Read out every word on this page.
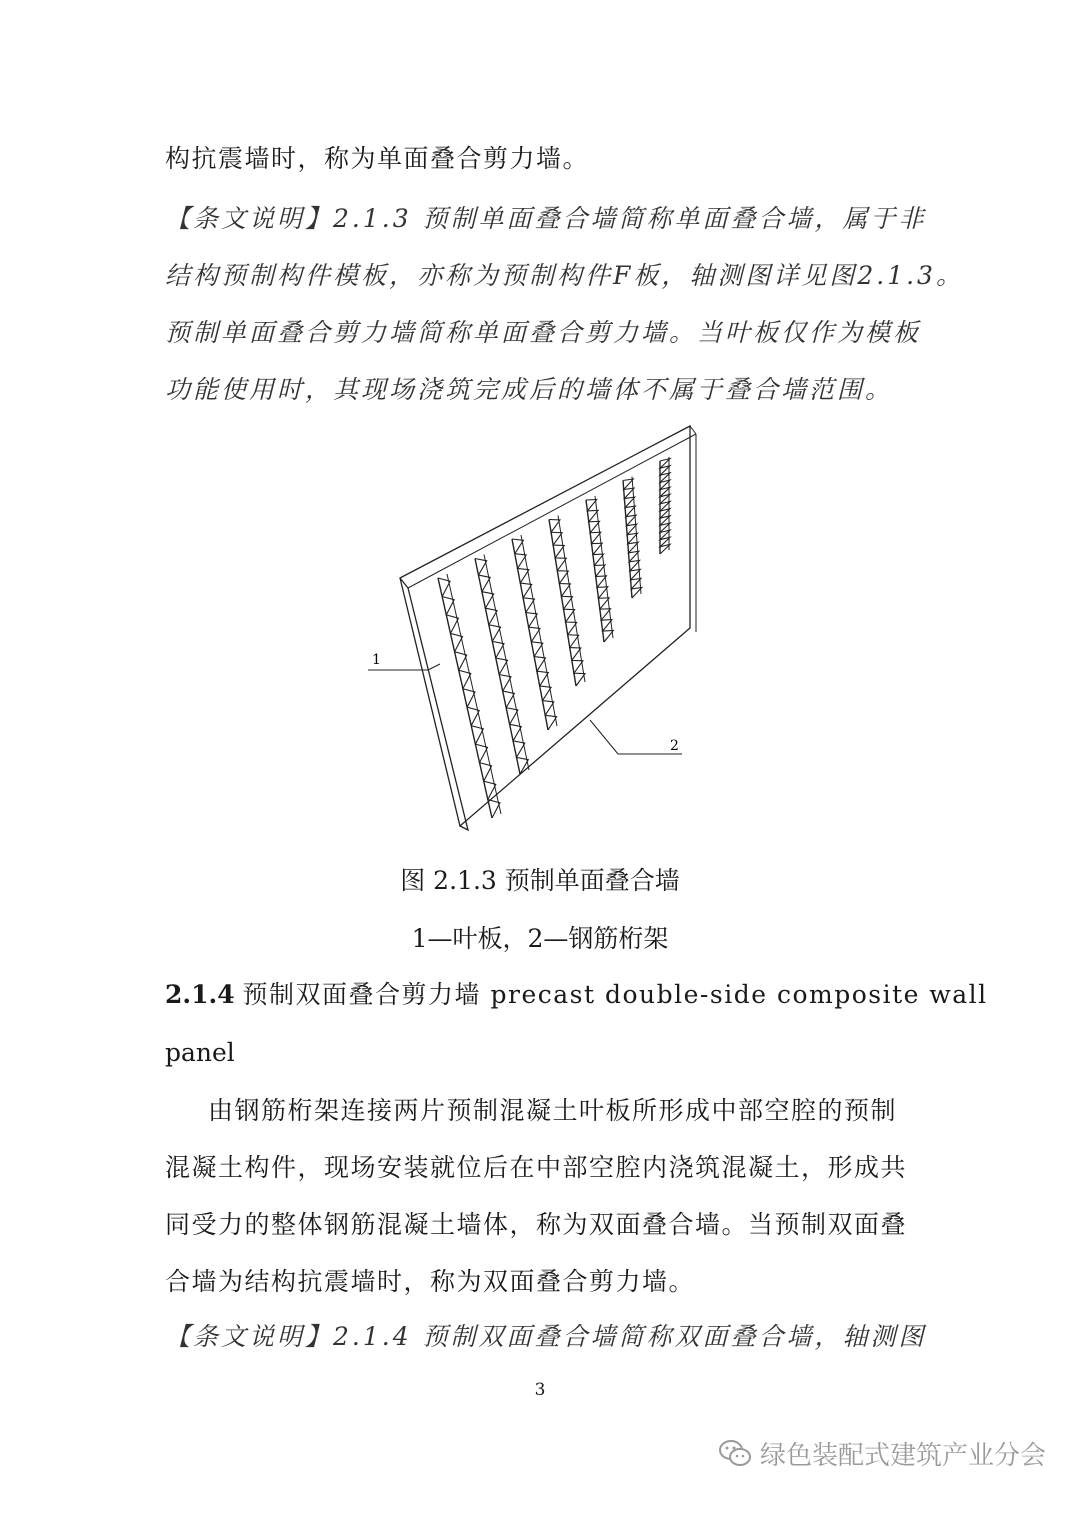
构抗震墙时，称为单面叠合剪力墙。
【条文说明】2.1.3 预制单面叠合墙简称单面叠合墙，属于非
结构预制构件模板，亦称为预制构件F板，轴测图详见图2.1.3。
预制单面叠合剪力墙简称单面叠合剪力墙。当叶板仅作为模板
功能使用时，其现场浇筑完成后的墙体不属于叠合墙范围。
1
2
图 2.1.3 预制单面叠合墙
1—叶板，2—钢筋桁架
2.1.4 预制双面叠合剪力墙 precast double-side composite wall
panel
由钢筋桁架连接两片预制混凝土叶板所形成中部空腔的预制
混凝土构件，现场安装就位后在中部空腔内浇筑混凝土，形成共
同受力的整体钢筋混凝土墙体，称为双面叠合墙。当预制双面叠
合墙为结构抗震墙时，称为双面叠合剪力墙。
【条文说明】2.1.4 预制双面叠合墙简称双面叠合墙，轴测图
3
绿色装配式建筑产业分会
